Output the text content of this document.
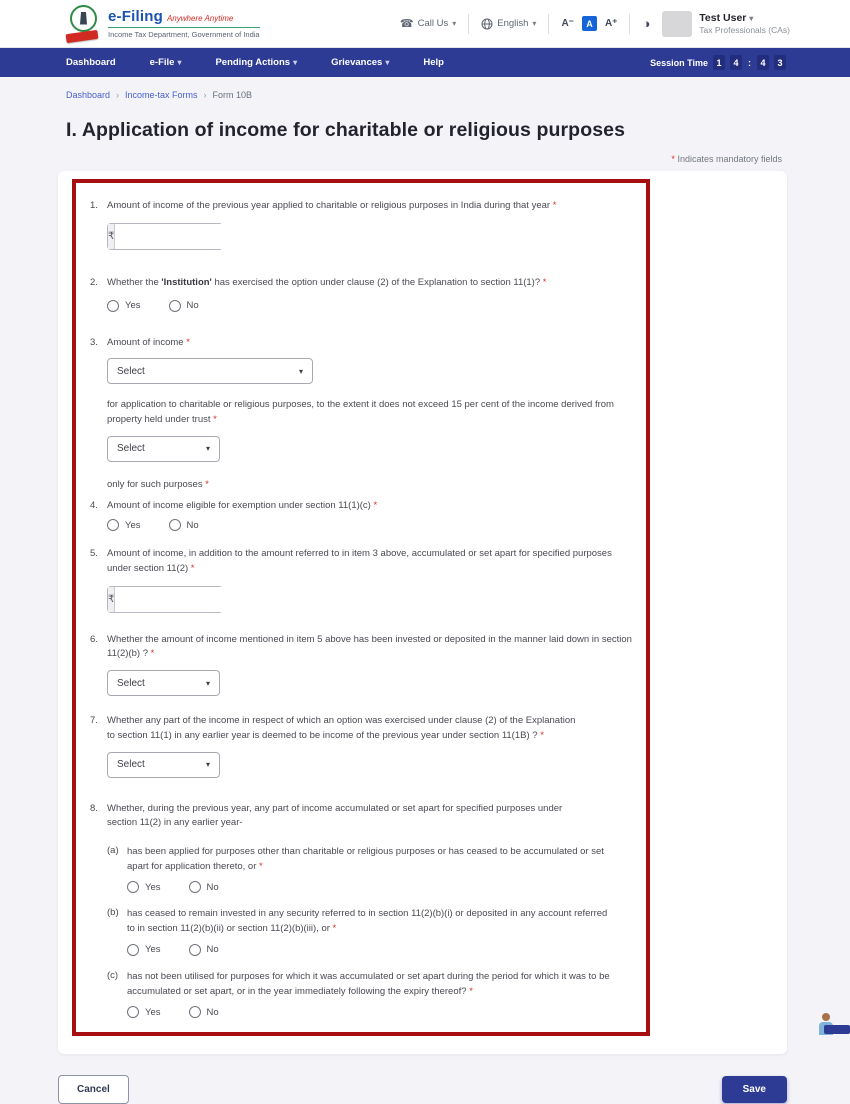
e-Filing Anywhere Anytime
Income Tax Department, Government of India
☎ Call Us ▾	English ▾	A⁻	A	A⁺ ◑	Test User ▾
Tax Professionals (CAs)
Dashboard	e-File ▾	Pending Actions ▾	Grievances ▾	Help	Session Time 1	4	:	4	3
Dashboard › Income-tax Forms › Form 10B
I. Application of income for charitable or religious purposes
* Indicates mandatory fields
1. Amount of income of the previous year applied to charitable or religious purposes in India during that year *
₹
2. Whether the 'Institution' has exercised the option under clause (2) of the Explanation to section 11(1)? *
Yes	No
3. Amount of income *
Select	▾
for application to charitable or religious purposes, to the extent it does not exceed 15 per cent of the income derived from property held under trust *
Select	▾
only for such purposes *
4. Amount of income eligible for exemption under section 11(1)(c) *
Yes	No
5. Amount of income, in addition to the amount referred to in item 3 above, accumulated or set apart for specified purposes under section 11(2) *
₹
6. Whether the amount of income mentioned in item 5 above has been invested or deposited in the manner laid down in section 11(2)(b) ? *
Select	▾
7. Whether any part of the income in respect of which an option was exercised under clause (2) of the Explanation to section 11(1) in any earlier year is deemed to be income of the previous year under section 11(1B) ? *
Select	▾
8. Whether, during the previous year, any part of income accumulated or set apart for specified purposes under section 11(2) in any earlier year-
(a) has been applied for purposes other than charitable or religious purposes or has ceased to be accumulated or set apart for application thereto, or *
Yes	No
(b) has ceased to remain invested in any security referred to in section 11(2)(b)(i) or deposited in any account referred to in section 11(2)(b)(ii) or section 11(2)(b)(iii), or *
Yes	No
(c) has not been utilised for purposes for which it was accumulated or set apart during the period for which it was to be accumulated or set apart, or in the year immediately following the expiry thereof? *
Yes	No
Cancel	Save
